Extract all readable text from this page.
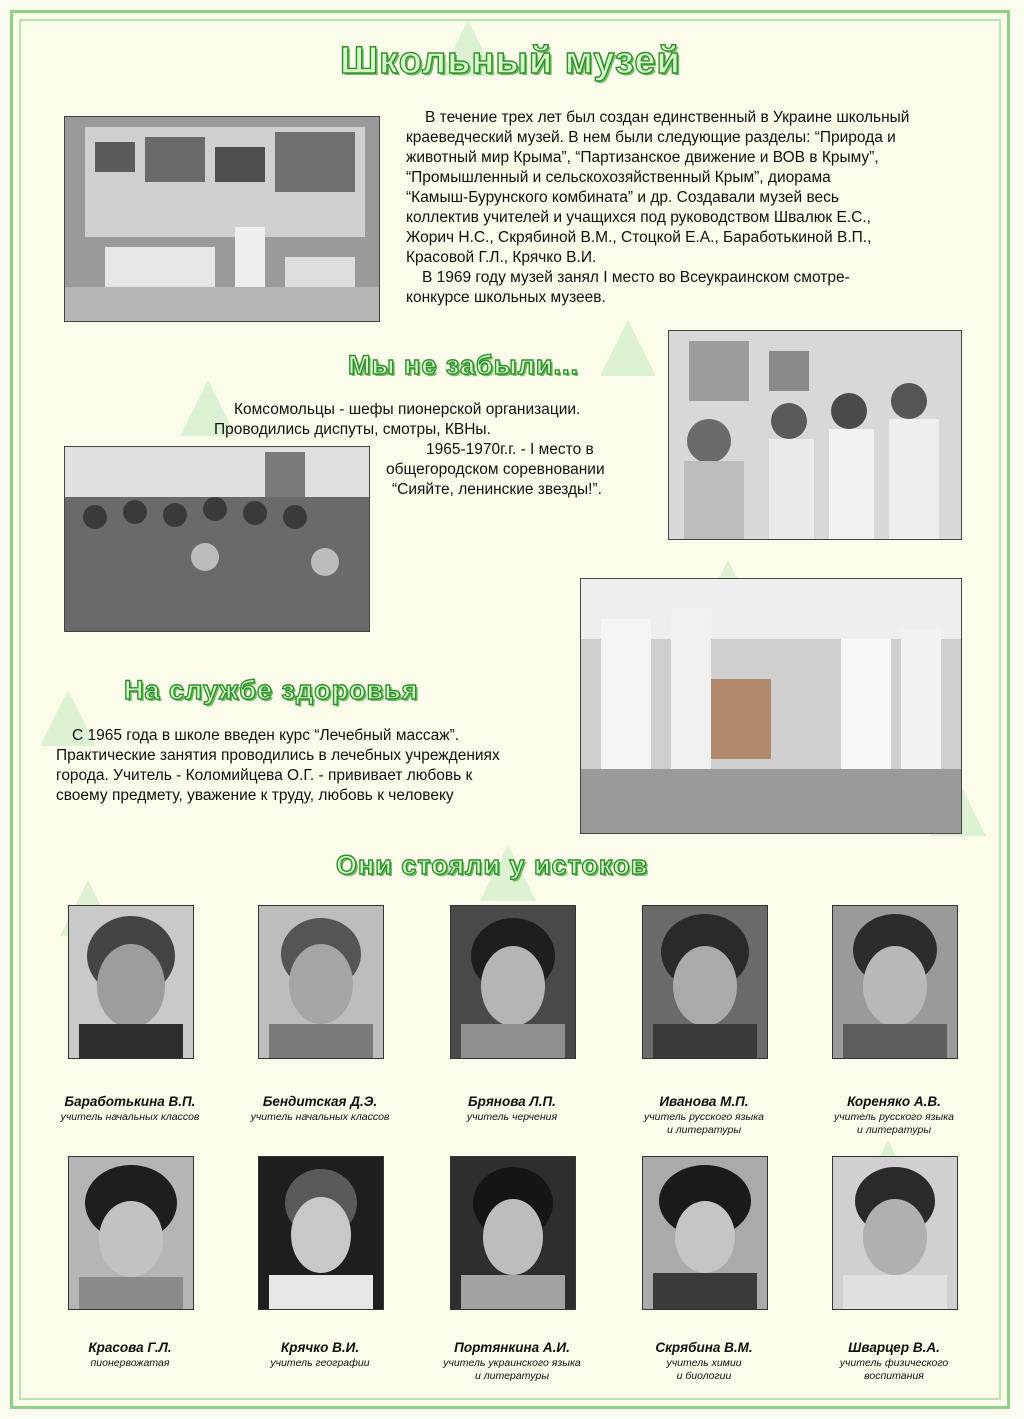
Школьный музей
В течение трех лет был создан единственный в Украине школьный
краеведческий музей. В нем были следующие разделы: “Природа и
животный мир Крыма”, “Партизанское движение и ВОВ в Крыму”,
“Промышленный и сельскохозяйственный Крым”, диорама
“Камыш-Бурунского комбината” и др. Создавали музей весь
коллектив учителей и учащихся под руководством Швалюк Е.С.,
Жорич Н.С., Скрябиной В.М., Стоцкой Е.А., Баработькиной В.П.,
Красовой Г.Л., Крячко В.И.
В 1969 году музей занял I место во Всеукраинском смотре-
конкурсе школьных музеев.
Мы не забыли...
Комсомольцы - шефы пионерской организации.
Проводились диспуты, смотры, КВНы.
1965-1970г.г. - I место в
общегородском соревновании
“Сияйте, ленинские звезды!”.
На службе здоровья
С 1965 года в школе введен курс “Лечебный массаж”.
Практические занятия проводились в лечебных учреждениях
города. Учитель - Коломийцева О.Г. - прививает любовь к
своему предмету, уважение к труду, любовь к человеку
Они стояли у истоков
Баработькина В.П.
учитель начальных классов
Бендитская Д.Э.
учитель начальных классов
Брянова Л.П.
учитель черчения
Иванова М.П.
учитель русского языка
и литературы
Кореняко А.В.
учитель русского языка
и литературы
Красова Г.Л.
пионервожатая
Крячко В.И.
учитель географии
Портянкина А.И.
учитель украинского языка
и литературы
Скрябина В.М.
учитель химии
и биологии
Шварцер В.А.
учитель физического
воспитания
